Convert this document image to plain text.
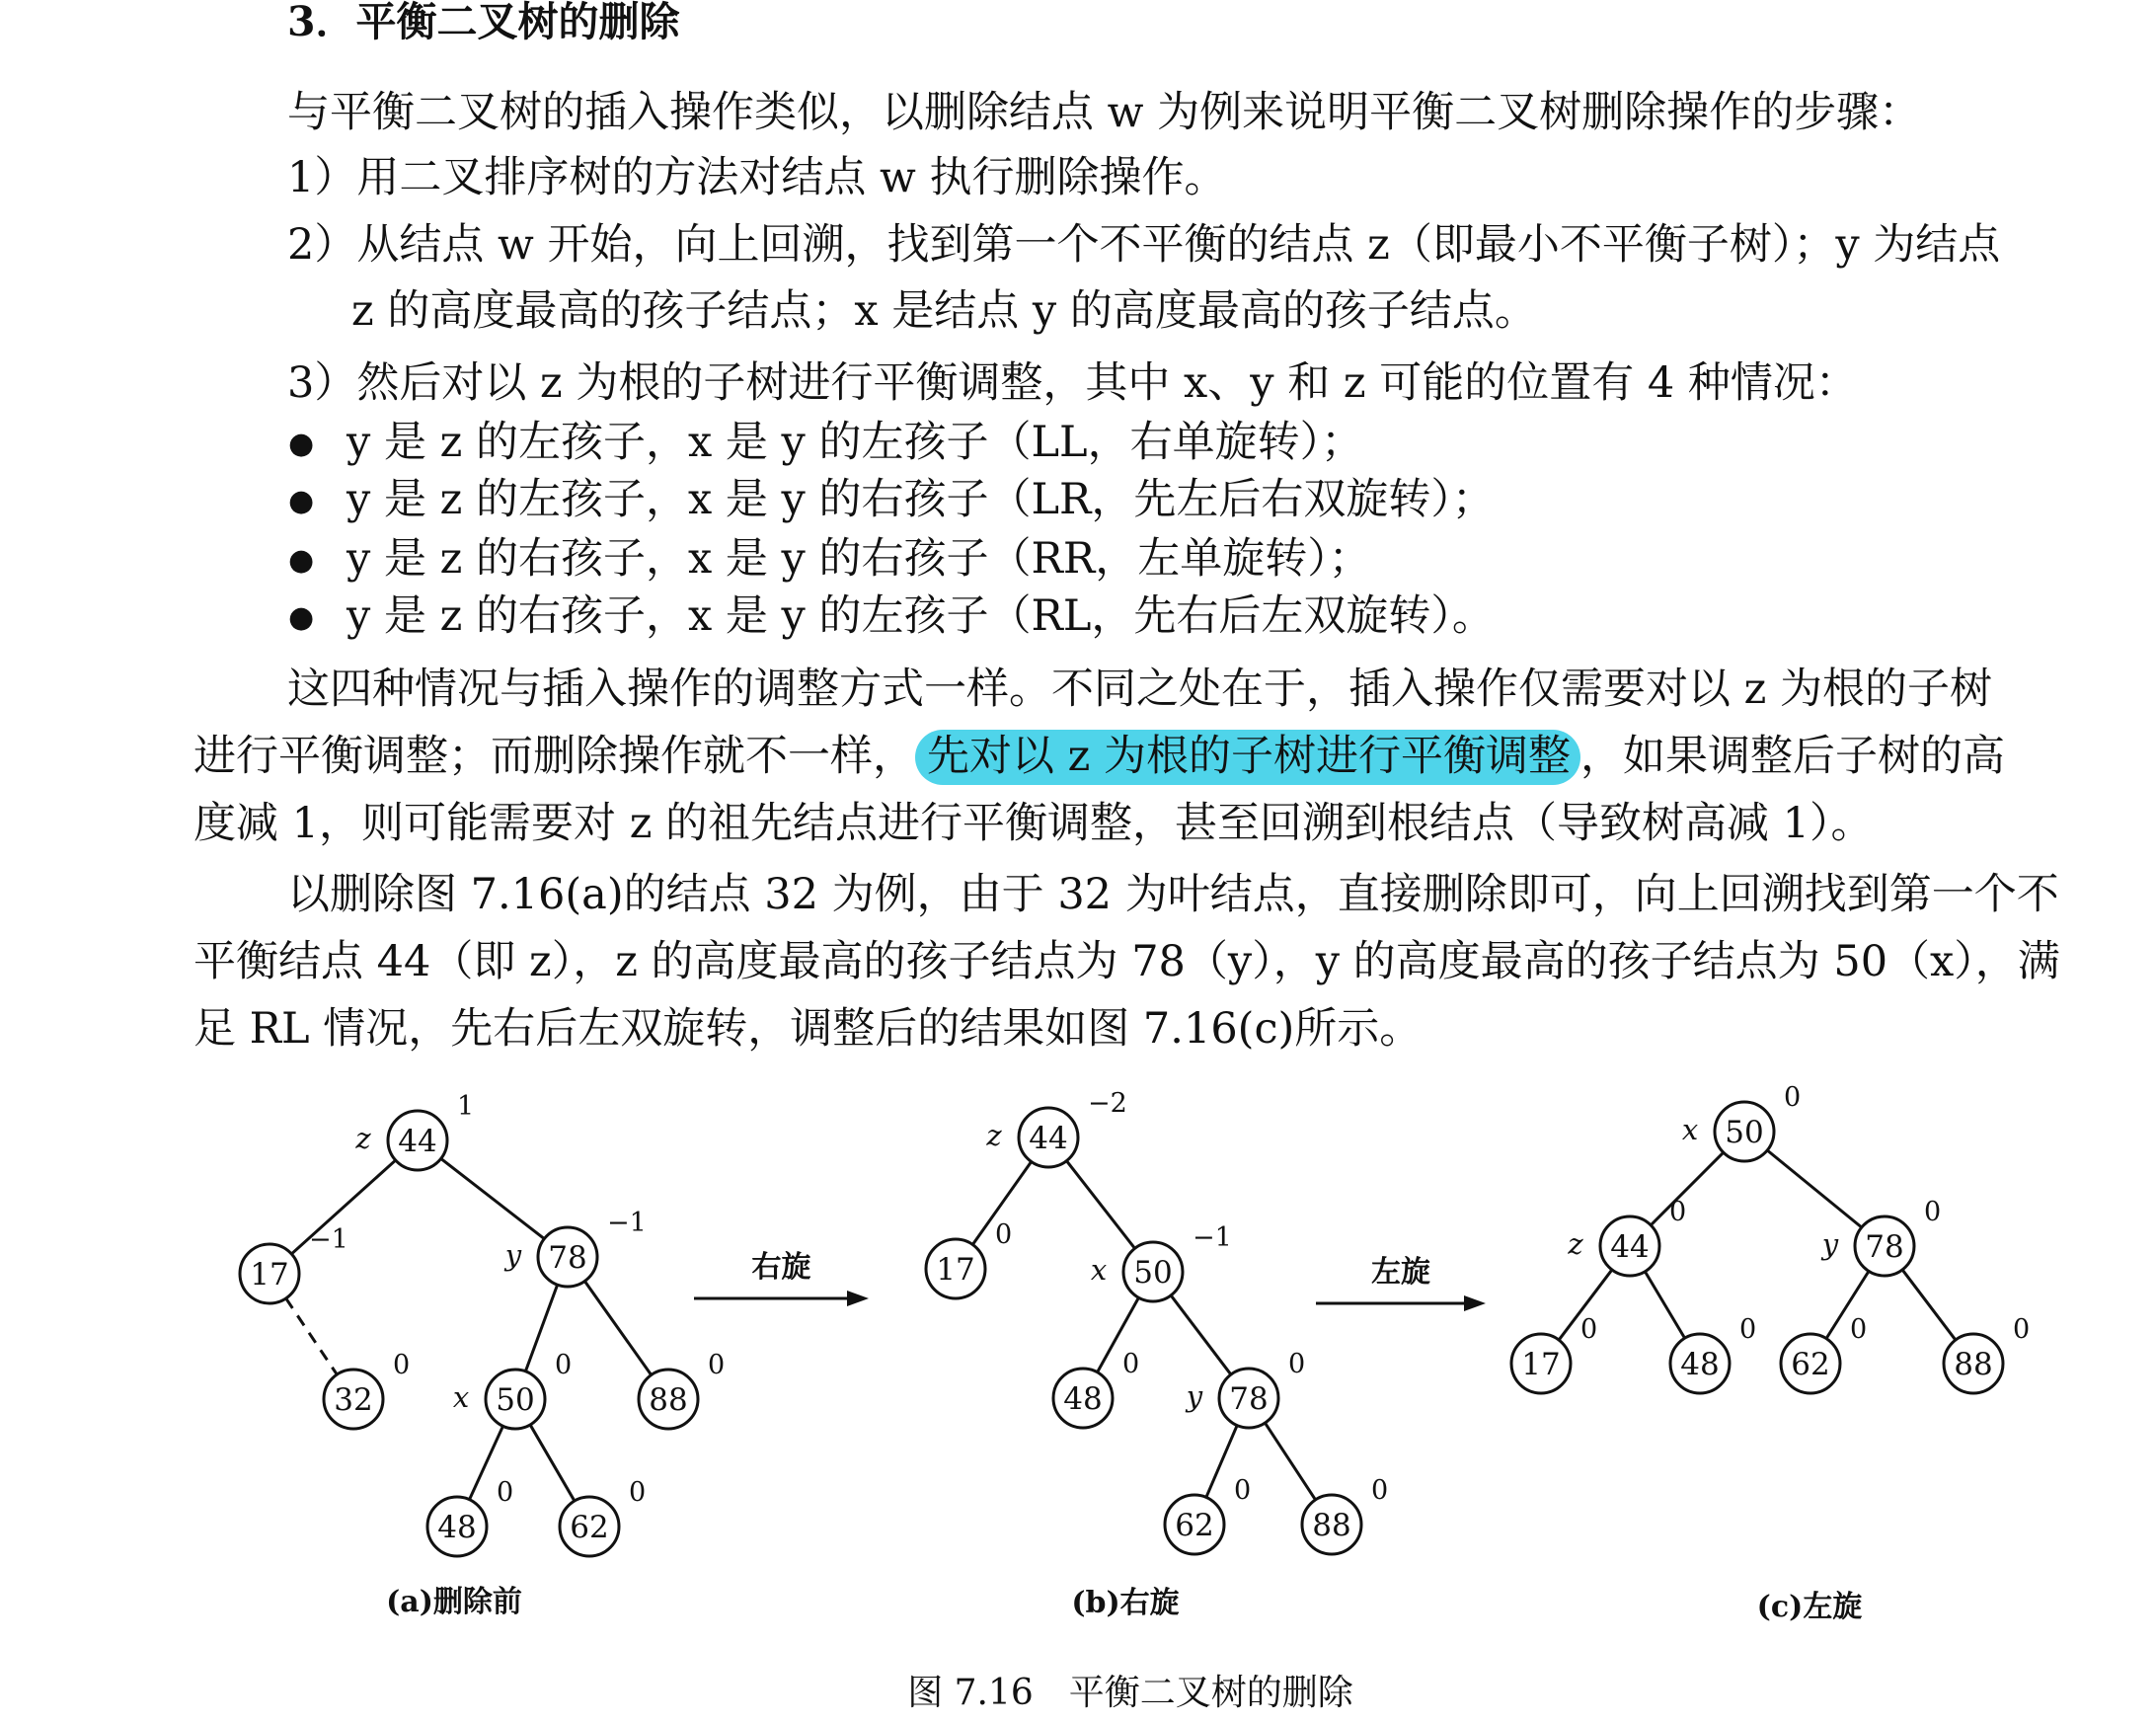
3．平衡二叉树的删除
与平衡二叉树的插入操作类似，以删除结点 w 为例来说明平衡二叉树删除操作的步骤：
1）用二叉排序树的方法对结点 w 执行删除操作。
2）从结点 w 开始，向上回溯，找到第一个不平衡的结点 z（即最小不平衡子树）；y 为结点
z 的高度最高的孩子结点；x 是结点 y 的高度最高的孩子结点。
3）然后对以 z 为根的子树进行平衡调整，其中 x、y 和 z 可能的位置有 4 种情况：
● y 是 z 的左孩子，x 是 y 的左孩子（LL，右单旋转）；
● y 是 z 的左孩子，x 是 y 的右孩子（LR，先左后右双旋转）；
● y 是 z 的右孩子，x 是 y 的右孩子（RR，左单旋转）；
● y 是 z 的右孩子，x 是 y 的左孩子（RL，先右后左双旋转）。
这四种情况与插入操作的调整方式一样。不同之处在于，插入操作仅需要对以 z 为根的子树
进行平衡调整；而删除操作就不一样， 先对以 z 为根的子树进行平衡调整 ，如果调整后子树的高
度减 1，则可能需要对 z 的祖先结点进行平衡调整，甚至回溯到根结点（导致树高减 1）。
以删除图 7.16(a)的结点 32 为例，由于 32 为叶结点，直接删除即可，向上回溯找到第一个不
平衡结点 44（即 z），z 的高度最高的孩子结点为 78（y），y 的高度最高的孩子结点为 50（x），满
足 RL 情况，先右后左双旋转，调整后的结果如图 7.16(c)所示。
44
1
z
17
−1
78
−1
y
32
0
50
0
x	88
0
48
0
62
0
(a)删除前
44
−2
z
17
0
50
−1
x
48
0
78
0
y
62
0
88
0
(b)右旋
50
0
x
44
0
z	78
0
y
17
0
48
0
62
0
88
0
(c)左旋
右旋	左旋
图 7.16　平衡二叉树的删除
